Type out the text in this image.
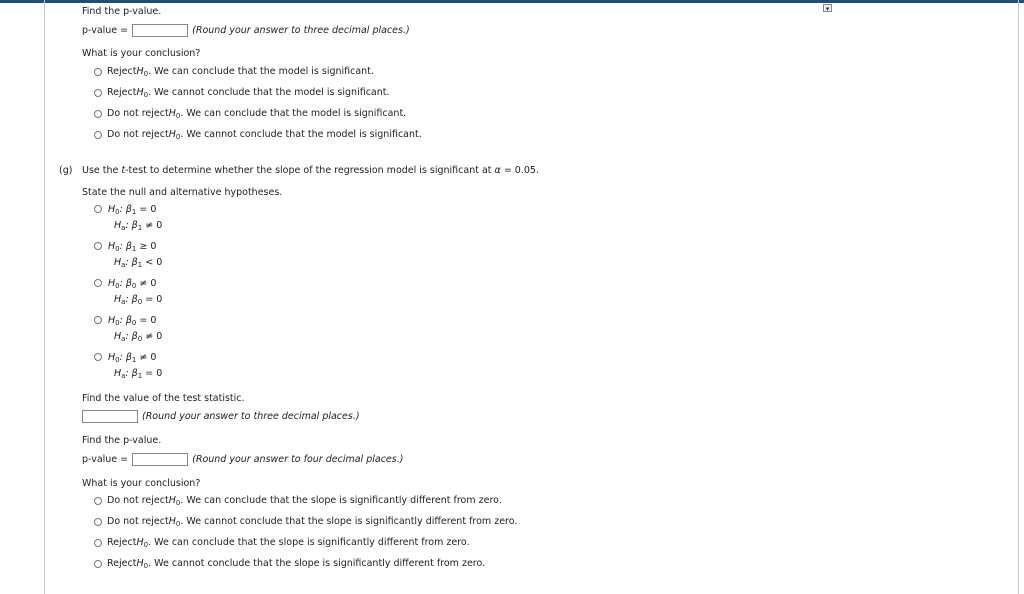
▾
Find the p-value.
p-value =	(Round your answer to three decimal places.)
What is your conclusion?
Reject H 0 . We can conclude that the model is significant.
Reject H 0 . We cannot conclude that the model is significant.
Do not reject H 0 . We can conclude that the model is significant.
Do not reject H 0 . We cannot conclude that the model is significant.
(g) Use the t-test to determine whether the slope of the regression model is significant at α = 0.05.
State the null and alternative hypotheses.
$H_0$: $\beta_1 = 0$
$H_a$: $\beta_1 \ne 0$
$H_0$: $\beta_1 \ge 0$
$H_a$: $\beta_1 < 0$
$H_0$: $\beta_0 \ne 0$
$H_a$: $\beta_0 = 0$
$H_0$: $\beta_0 = 0$
$H_a$: $\beta_0 \ne 0$
$H_0$: $\beta_1 \ne 0$
$H_a$: $\beta_1 = 0$
Find the value of the test statistic.
(Round your answer to three decimal places.)
Find the p-value.
p-value =	(Round your answer to four decimal places.)
What is your conclusion?
Do not reject H 0 . We can conclude that the slope is significantly different from zero.
Do not reject H 0 . We cannot conclude that the slope is significantly different from zero.
Reject H 0 . We can conclude that the slope is significantly different from zero.
Reject H 0 . We cannot conclude that the slope is significantly different from zero.
